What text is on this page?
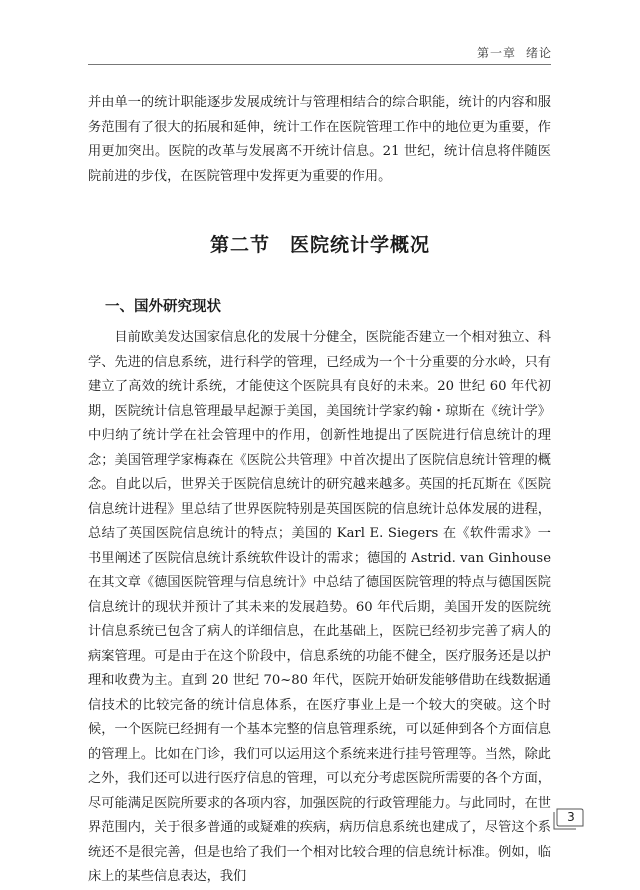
第一章 绪论

并由单一的统计职能逐步发展成统计与管理相结合的综合职能，统计的内容和服务范围有了很大的拓展和延伸，统计工作在医院管理工作中的地位更为重要，作用更加突出。医院的改革与发展离不开统计信息。21 世纪，统计信息将伴随医院前进的步伐，在医院管理中发挥更为重要的作用。

第二节　医院统计学概况
一、国外研究现状

目前欧美发达国家信息化的发展十分健全，医院能否建立一个相对独立、科学、先进的信息系统，进行科学的管理，已经成为一个十分重要的分水岭，只有建立了高效的统计系统，才能使这个医院具有良好的未来。20 世纪 60 年代初期，医院统计信息管理最早起源于美国，美国统计学家约翰・琼斯在《统计学》中归纳了统计学在社会管理中的作用，创新性地提出了医院进行信息统计的理念；美国管理学家梅森在《医院公共管理》中首次提出了医院信息统计管理的概念。自此以后，世界关于医院信息统计的研究越来越多。英国的托瓦斯在《医院信息统计进程》里总结了世界医院特别是英国医院的信息统计总体发展的进程，总结了英国医院信息统计的特点；美国的 Karl E. Siegers 在《软件需求》一书里阐述了医院信息统计系统软件设计的需求；德国的 Astrid. van Ginhouse 在其文章《德国医院管理与信息统计》中总结了德国医院管理的特点与德国医院信息统计的现状并预计了其未来的发展趋势。60 年代后期，美国开发的医院统计信息系统已包含了病人的详细信息，在此基础上，医院已经初步完善了病人的病案管理。可是由于在这个阶段中，信息系统的功能不健全，医疗服务还是以护理和收费为主。直到 20 世纪 70~80 年代，医院开始研发能够借助在线数据通信技术的比较完备的统计信息体系，在医疗事业上是一个较大的突破。这个时候，一个医院已经拥有一个基本完整的信息管理系统，可以延伸到各个方面信息的管理上。比如在门诊，我们可以运用这个系统来进行挂号管理等。当然，除此之外，我们还可以进行医疗信息的管理，可以充分考虑医院所需要的各个方面，尽可能满足医院所要求的各项内容，加强医院的行政管理能力。与此同时，在世界范围内，关于很多普通的或疑难的疾病，病历信息系统也建成了，尽管这个系统还不是很完善，但是也给了我们一个相对比较合理的信息统计标准。例如，临床上的某些信息表达，我们

3
